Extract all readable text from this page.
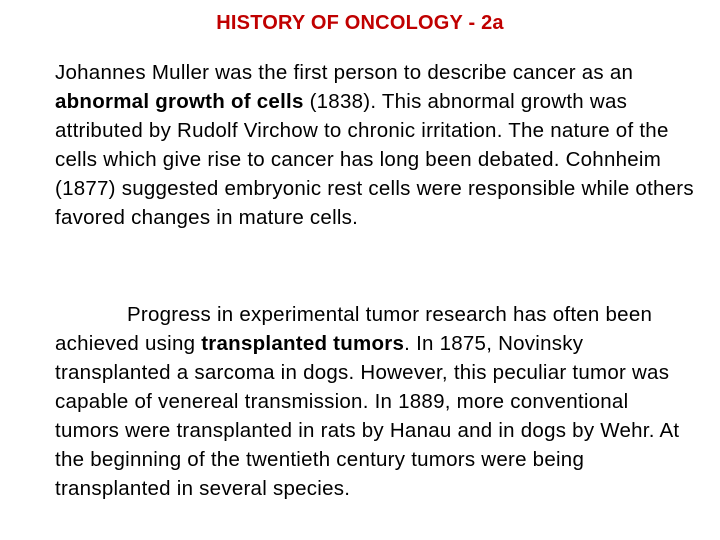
HISTORY OF ONCOLOGY - 2a
Johannes Muller was the first person to describe cancer as an abnormal growth of cells (1838). This abnormal growth was attributed by Rudolf Virchow to chronic irritation. The nature of the cells which give rise to cancer has long been debated. Cohnheim (1877) suggested embryonic rest cells were responsible while others favored changes in mature cells.
Progress in experimental tumor research has often been achieved using transplanted tumors. In 1875, Novinsky transplanted a sarcoma in dogs. However, this peculiar tumor was capable of venereal transmission. In 1889, more conventional tumors were transplanted in rats by Hanau and in dogs by Wehr. At the beginning of the twentieth century tumors were being transplanted in several species.
